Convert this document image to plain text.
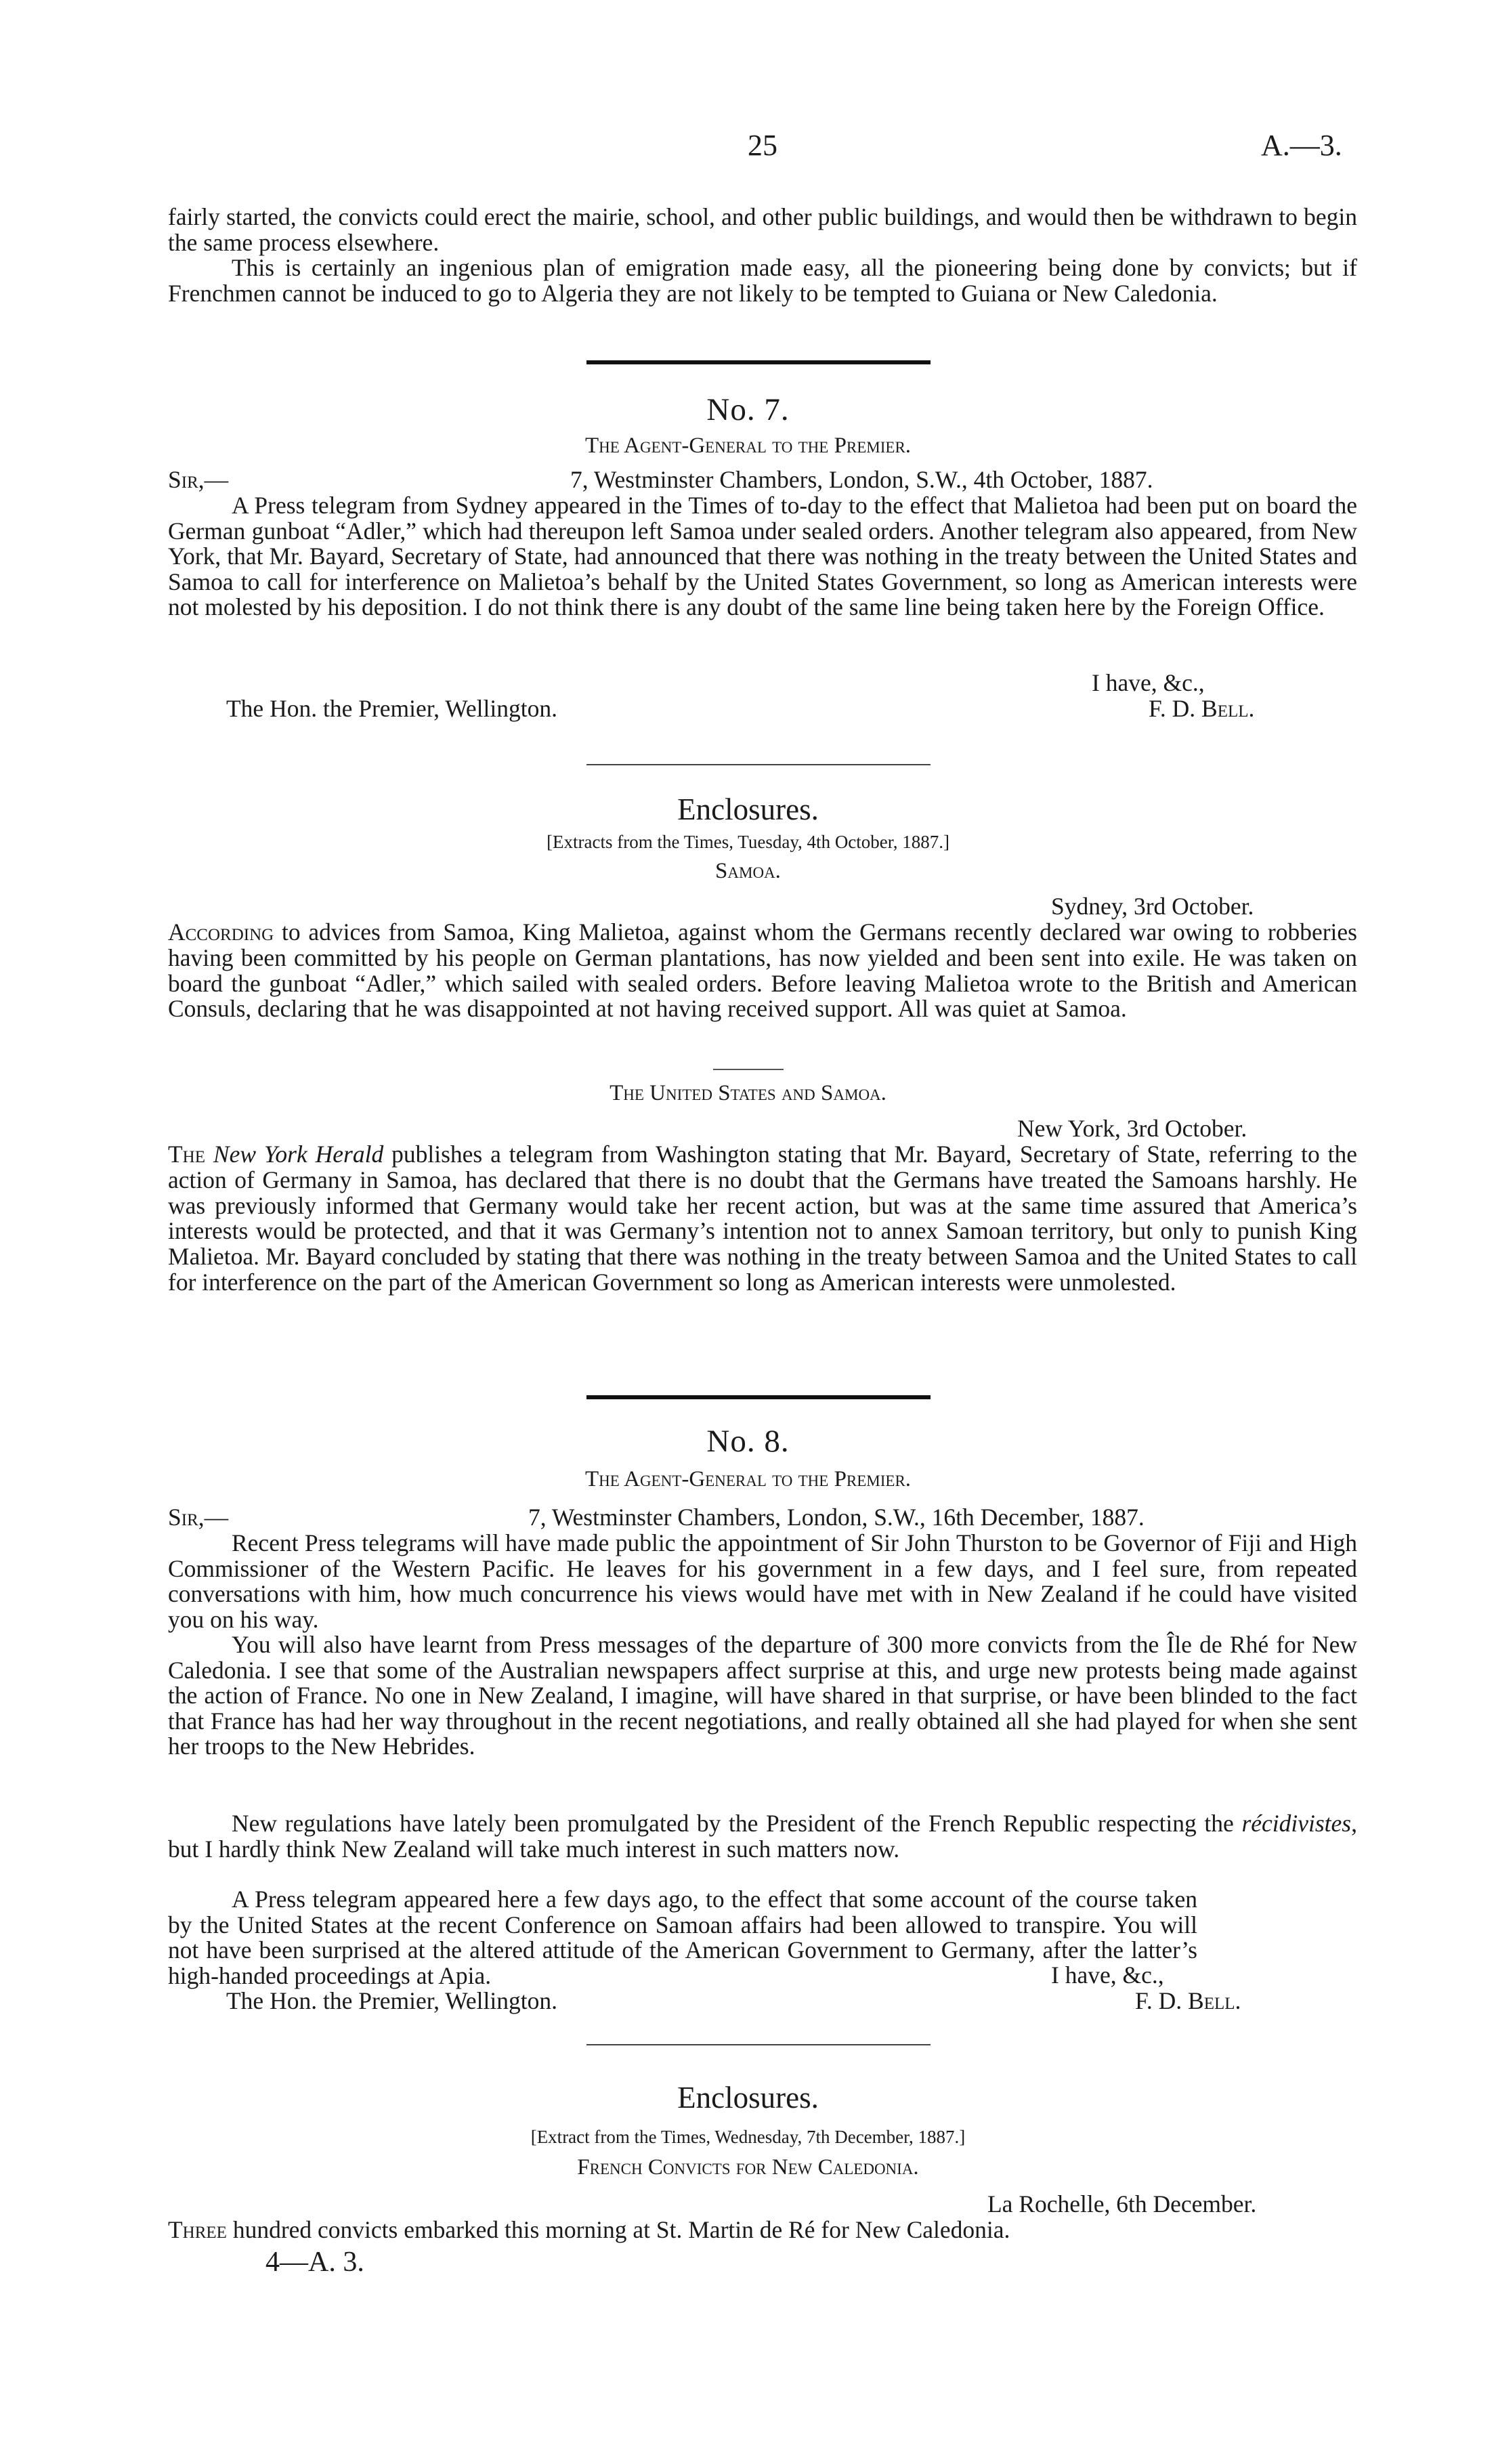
25	A.—3.

fairly started, the convicts could erect the mairie, school, and other public buildings, and would then be withdrawn to begin the same process elsewhere.

This is certainly an ingenious plan of emigration made easy, all the pioneering being done by convicts; but if Frenchmen cannot be induced to go to Algeria they are not likely to be tempted to Guiana or New Caledonia.

No. 7.
The Agent-General to the Premier.
Sir,—	7, Westminster Chambers, London, S.W., 4th October, 1887.

A Press telegram from Sydney appeared in the Times of to-day to the effect that Malietoa had been put on board the German gunboat “Adler,” which had thereupon left Samoa under sealed orders. Another telegram also appeared, from New York, that Mr. Bayard, Secretary of State, had announced that there was nothing in the treaty between the United States and Samoa to call for interference on Malietoa’s behalf by the United States Government, so long as American interests were not molested by his deposition. I do not think there is any doubt of the same line being taken here by the Foreign Office.

I have, &c.,
The Hon. the Premier, Wellington.	F. D. Bell.
Enclosures.
[Extracts from the Times, Tuesday, 4th October, 1887.]
Samoa.
Sydney, 3rd October.

According to advices from Samoa, King Malietoa, against whom the Germans recently declared war owing to robberies having been committed by his people on German plantations, has now yielded and been sent into exile. He was taken on board the gunboat “Adler,” which sailed with sealed orders. Before leaving Malietoa wrote to the British and American Consuls, declaring that he was disappointed at not having received support. All was quiet at Samoa.

The United States and Samoa.
New York, 3rd October.

The New York Herald publishes a telegram from Washington stating that Mr. Bayard, Secretary of State, referring to the action of Germany in Samoa, has declared that there is no doubt that the Germans have treated the Samoans harshly. He was previously informed that Germany would take her recent action, but was at the same time assured that America’s interests would be protected, and that it was Germany’s intention not to annex Samoan territory, but only to punish King Malietoa. Mr. Bayard concluded by stating that there was nothing in the treaty between Samoa and the United States to call for interference on the part of the American Government so long as American interests were unmolested.

No. 8.
The Agent-General to the Premier.
Sir,—	7, Westminster Chambers, London, S.W., 16th December, 1887.

Recent Press telegrams will have made public the appointment of Sir John Thurston to be Governor of Fiji and High Commissioner of the Western Pacific. He leaves for his government in a few days, and I feel sure, from repeated conversations with him, how much concurrence his views would have met with in New Zealand if he could have visited you on his way.

You will also have learnt from Press messages of the departure of 300 more convicts from the Île de Rhé for New Caledonia. I see that some of the Australian newspapers affect surprise at this, and urge new protests being made against the action of France. No one in New Zealand, I imagine, will have shared in that surprise, or have been blinded to the fact that France has had her way throughout in the recent negotiations, and really obtained all she had played for when she sent her troops to the New Hebrides.

New regulations have lately been promulgated by the President of the French Republic respecting the récidivistes, but I hardly think New Zealand will take much interest in such matters now.

A Press telegram appeared here a few days ago, to the effect that some account of the course taken by the United States at the recent Conference on Samoan affairs had been allowed to transpire. You will not have been surprised at the altered attitude of the American Government to Germany, after the latter’s high-handed proceedings at Apia.	I have, &c.,
The Hon. the Premier, Wellington.	F. D. Bell.
Enclosures.
[Extract from the Times, Wednesday, 7th December, 1887.]
French Convicts for New Caledonia.
La Rochelle, 6th December.

Three hundred convicts embarked this morning at St. Martin de Ré for New Caledonia.

4—A. 3.
